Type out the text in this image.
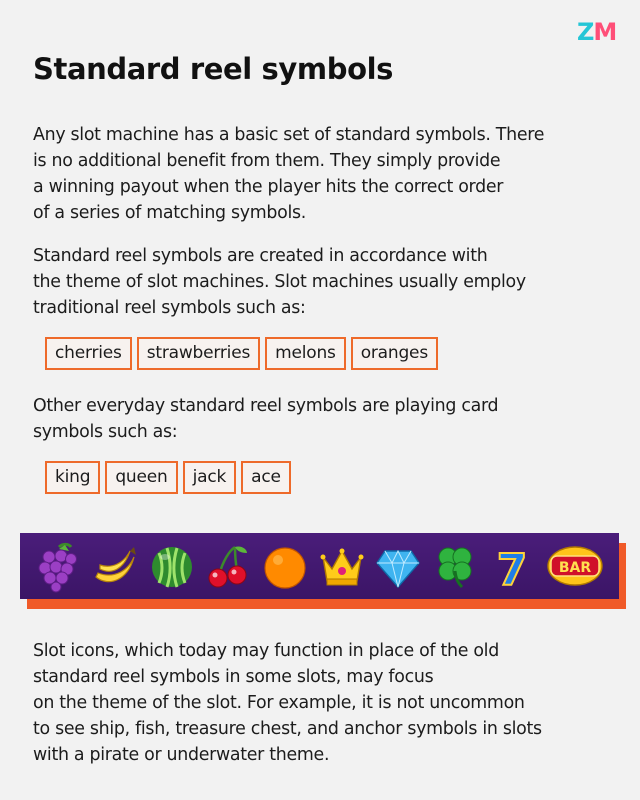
ZM
Standard reel symbols

Any slot machine has a basic set of standard symbols. There
is no additional benefit from them. They simply provide
a winning payout when the player hits the correct order
of a series of matching symbols.

Standard reel symbols are created in accordance with
the theme of slot machines. Slot machines usually employ
traditional reel symbols such as:

cherries	strawberries	melons	oranges

Other everyday standard reel symbols are playing card
symbols such as:

king	queen	jack	ace
7 BAR

Slot icons, which today may function in place of the old
standard reel symbols in some slots, may focus
on the theme of the slot. For example, it is not uncommon
to see ship, fish, treasure chest, and anchor symbols in slots
with a pirate or underwater theme.
